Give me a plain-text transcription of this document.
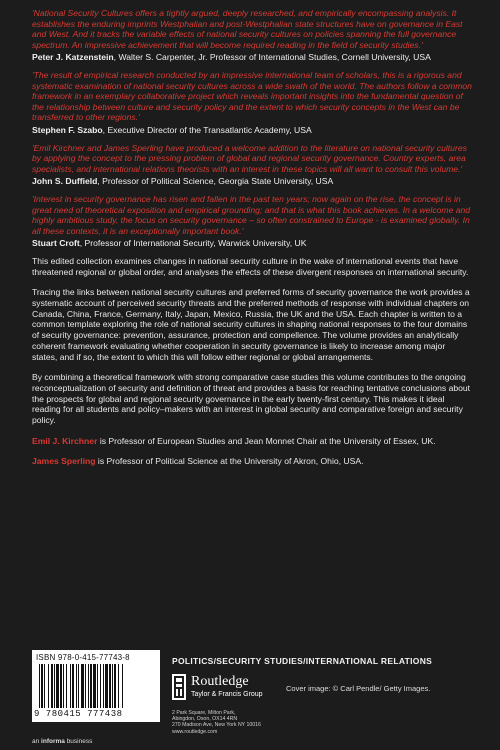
'National Security Cultures offers a tightly argued, deeply researched, and empirically encompassing analysis. It establishes the enduring imprints Westphalian and post-Westphalian state structures have on governance in East and West. And it tracks the variable effects of national security cultures on policies spanning the full governance spectrum. An impressive achievement that will become required reading in the field of security studies.'

Peter J. Katzenstein, Walter S. Carpenter, Jr. Professor of International Studies, Cornell University, USA

'The result of empirical research conducted by an impressive international team of scholars, this is a rigorous and systematic examination of national security cultures across a wide swath of the world. The authors follow a common framework in an exemplary collaborative project which reveals important insights into the fundamental question of the relationship between culture and security policy and the extent to which security concepts in the West can be transferred to other regions.'

Stephen F. Szabo, Executive Director of the Transatlantic Academy, USA

'Emil Kirchner and James Sperling have produced a welcome addition to the literature on national security cultures by applying the concept to the pressing problem of global and regional security governance. Country experts, area specialists, and international relations theorists with an interest in these topics will all want to consult this volume.'

John S. Duffield, Professor of Political Science, Georgia State University, USA

'Interest in security governance has risen and fallen in the past ten years; now again on the rise, the concept is in great need of theoretical exposition and empirical grounding; and that is what this book achieves. In a welcome and highly ambitious study, the focus on security governance – so often constrained to Europe - is examined globally. In all these contexts, it is an exceptionally important book.'

Stuart Croft, Professor of International Security, Warwick University, UK

This edited collection examines changes in national security culture in the wake of international events that have threatened regional or global order, and analyses the effects of these divergent responses on international security.

Tracing the links between national security cultures and preferred forms of security governance the work provides a systematic account of perceived security threats and the preferred methods of response with individual chapters on Canada, China, France, Germany, Italy, Japan, Mexico, Russia, the UK and the USA. Each chapter is written to a common template exploring the role of national security cultures in shaping national responses to the four domains of security governance: prevention, assurance, protection and compellence. The volume provides an analytically coherent framework evaluating whether cooperation in security governance is likely to increase among major states, and if so, the extent to which this will follow either regional or global arrangements.

By combining a theoretical framework with strong comparative case studies this volume contributes to the ongoing reconceptualization of security and definition of threat and provides a basis for reaching tentative conclusions about the prospects for global and regional security governance in the early twenty-first century. This makes it ideal reading for all students and policy–makers with an interest in global security and comparative foreign and security policy.

Emil J. Kirchner is Professor of European Studies and Jean Monnet Chair at the University of Essex, UK.

James Sperling is Professor of Political Science at the University of Akron, Ohio, USA.

ISBN 978-0-415-77743-8
9 780415 777438
POLITICS/SECURITY STUDIES/INTERNATIONAL RELATIONS
Routledge
Taylor & Francis Group
Cover image: © Carl Pendle/ Getty Images.
2 Park Square, Milton Park,
Abingdon, Oxon, OX14 4RN
270 Madison Ave, New York NY 10016
www.routledge.com
an informa business
